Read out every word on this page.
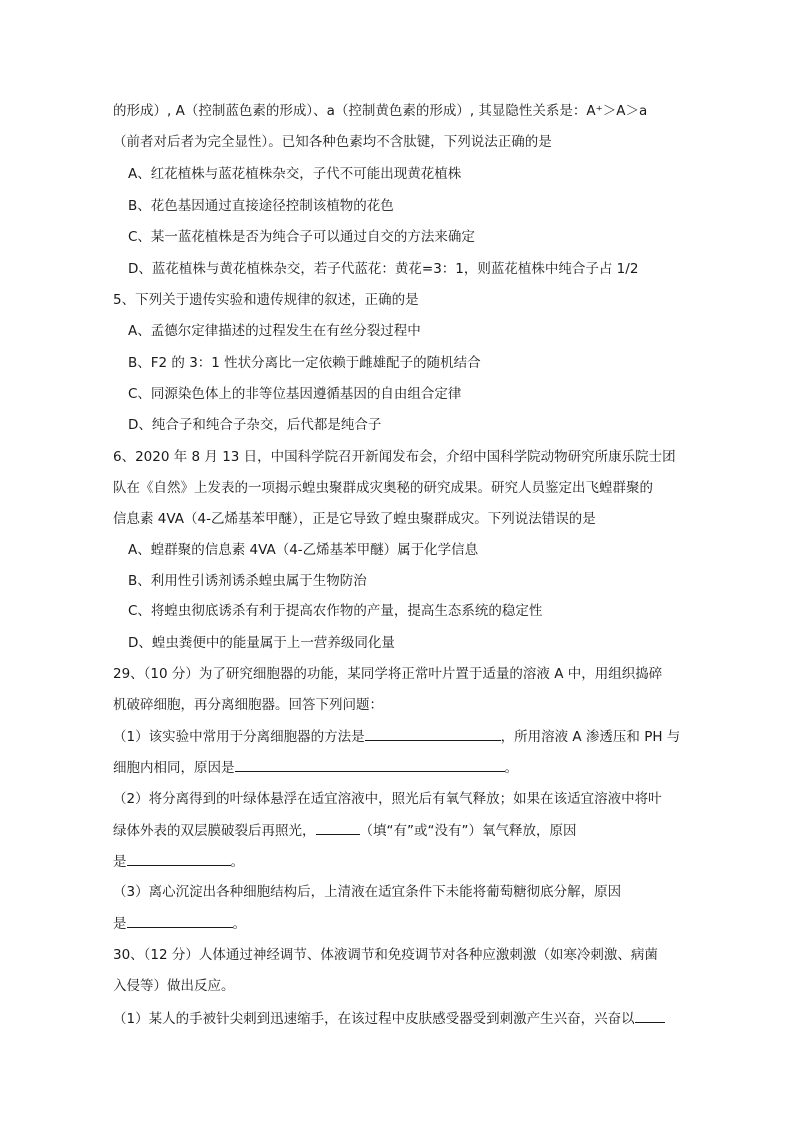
的形成）, A（控制蓝色素的形成）、a（控制黄色素的形成）, 其显隐性关系是：A⁺＞A＞a
（前者对后者为完全显性）。已知各种色素均不含肽键，下列说法正确的是
A、红花植株与蓝花植株杂交，子代不可能出现黄花植株
B、花色基因通过直接途径控制该植物的花色
C、某一蓝花植株是否为纯合子可以通过自交的方法来确定
D、蓝花植株与黄花植株杂交，若子代蓝花：黄花=3：1，则蓝花植株中纯合子占 1/2
5、下列关于遗传实验和遗传规律的叙述，正确的是
A、孟德尔定律描述的过程发生在有丝分裂过程中
B、F2 的 3：1 性状分离比一定依赖于雌雄配子的随机结合
C、同源染色体上的非等位基因遵循基因的自由组合定律
D、纯合子和纯合子杂交，后代都是纯合子
6、2020 年 8 月 13 日，中国科学院召开新闻发布会，介绍中国科学院动物研究所康乐院士团
队在《自然》上发表的一项揭示蝗虫聚群成灾奥秘的研究成果。研究人员鉴定出飞蝗群聚的
信息素 4VA（4-乙烯基苯甲醚），正是它导致了蝗虫聚群成灾。下列说法错误的是
A、蝗群聚的信息素 4VA（4-乙烯基苯甲醚）属于化学信息
B、利用性引诱剂诱杀蝗虫属于生物防治
C、将蝗虫彻底诱杀有利于提高农作物的产量，提高生态系统的稳定性
D、蝗虫粪便中的能量属于上一营养级同化量
29、（10 分）为了研究细胞器的功能，某同学将正常叶片置于适量的溶液 A 中，用组织捣碎
机破碎细胞，再分离细胞器。回答下列问题：
（1）该实验中常用于分离细胞器的方法是	，所用溶液 A 渗透压和 PH 与
细胞内相同，原因是	。
（2）将分离得到的叶绿体悬浮在适宜溶液中，照光后有氧气释放；如果在该适宜溶液中将叶
绿体外表的双层膜破裂后再照光，	（填“有”或“没有”）氧气释放，原因
是	。
（3）离心沉淀出各种细胞结构后，上清液在适宜条件下未能将葡萄糖彻底分解，原因
是	。
30、（12 分）人体通过神经调节、体液调节和免疫调节对各种应激刺激（如寒冷刺激、病菌
入侵等）做出反应。
（1）某人的手被针尖刺到迅速缩手，在该过程中皮肤感受器受到刺激产生兴奋，兴奋以
